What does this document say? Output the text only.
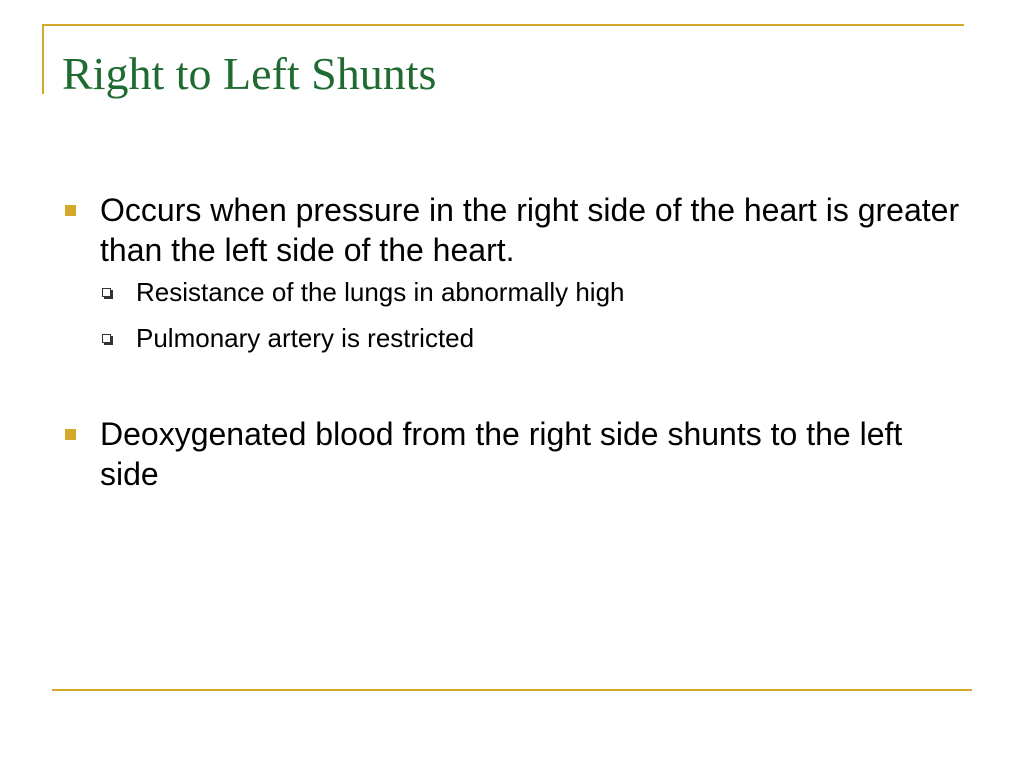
Right to Left Shunts
Occurs when pressure in the right side of the heart is greater than the left side of the heart.
Resistance of the lungs in abnormally high
Pulmonary artery is restricted
Deoxygenated blood from the right side shunts to the left side
